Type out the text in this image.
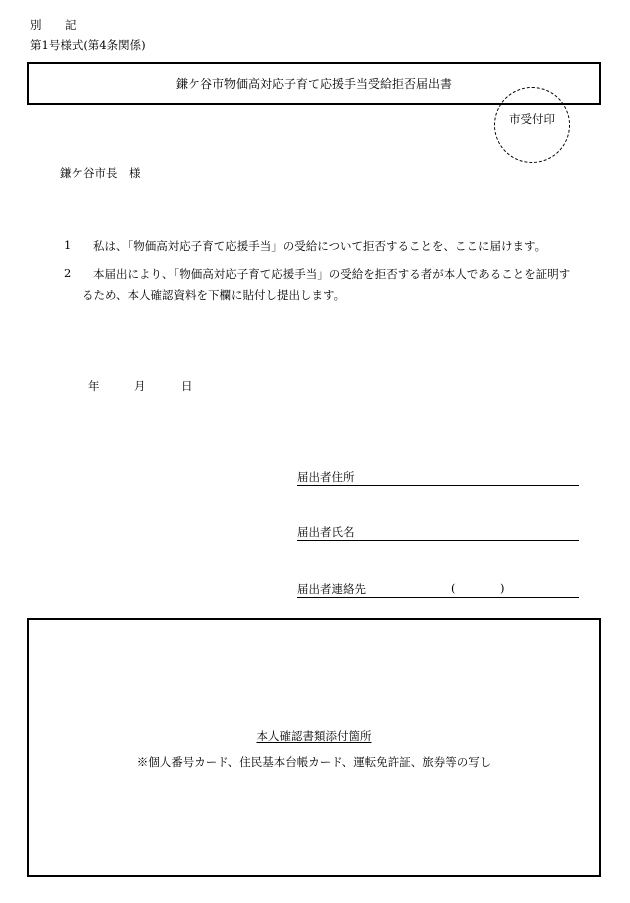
別　記
第1号様式(第4条関係)
鎌ケ谷市物価高対応子育て応援手当受給拒否届出書
市受付印
鎌ケ谷市長　様
1 私は、「物価高対応子育て応援手当」の受給について拒否することを、ここに届けます。
2 本届出により、「物価高対応子育て応援手当」の受給を拒否する者が本人であることを証明す
るため、本人確認資料を下欄に貼付し提出します。
年	月	日
届出者住所
届出者氏名
届出者連絡先	(	)
本人確認書類添付箇所
※個人番号カード、住民基本台帳カード、運転免許証、旅券等の写し
